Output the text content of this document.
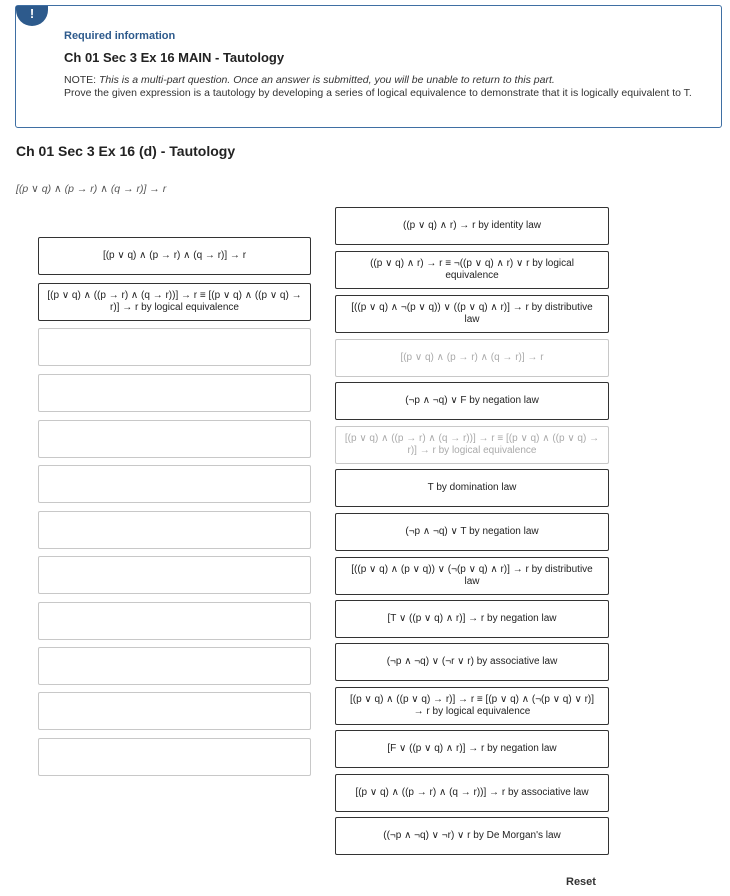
!
Required information
Ch 01 Sec 3 Ex 16 MAIN - Tautology
NOTE: This is a multi-part question. Once an answer is submitted, you will be unable to return to this part.
Prove the given expression is a tautology by developing a series of logical equivalence to demonstrate that it is logically equivalent to T.
Ch 01 Sec 3 Ex 16 (d) - Tautology
[(p ∨ q) ∧ (p → r) ∧ (q → r)] → r
[(p ∨ q) ∧ (p → r) ∧ (q → r)] → r
[(p ∨ q) ∧ ((p → r) ∧ (q → r))] → r ≡ [(p ∨ q) ∧ ((p ∨ q) → r)] → r by logical equivalence
((p ∨ q) ∧ r) → r by identity law
((p ∨ q) ∧ r) → r ≡ ¬((p ∨ q) ∧ r) ∨ r by logical equivalence
[((p ∨ q) ∧ ¬(p ∨ q)) ∨ ((p ∨ q) ∧ r)] → r by distributive law
[(p ∨ q) ∧ (p → r) ∧ (q → r)] → r
(¬p ∧ ¬q) ∨ F by negation law
[(p ∨ q) ∧ ((p → r) ∧ (q → r))] → r ≡ [(p ∨ q) ∧ ((p ∨ q) → r)] → r by logical equivalence
T by domination law
(¬p ∧ ¬q) ∨ T by negation law
[((p ∨ q) ∧ (p ∨ q)) ∨ (¬(p ∨ q) ∧ r)] → r by distributive law
[T ∨ ((p ∨ q) ∧ r)] → r by negation law
(¬p ∧ ¬q) ∨ (¬r ∨ r) by associative law
[(p ∨ q) ∧ ((p ∨ q) → r)] → r ≡ [(p ∨ q) ∧ (¬(p ∨ q) ∨ r)] → r by logical equivalence
[F ∨ ((p ∨ q) ∧ r)] → r by negation law
[(p ∨ q) ∧ ((p → r) ∧ (q → r))] → r by associative law
((¬p ∧ ¬q) ∨ ¬r) ∨ r by De Morgan's law
Reset
